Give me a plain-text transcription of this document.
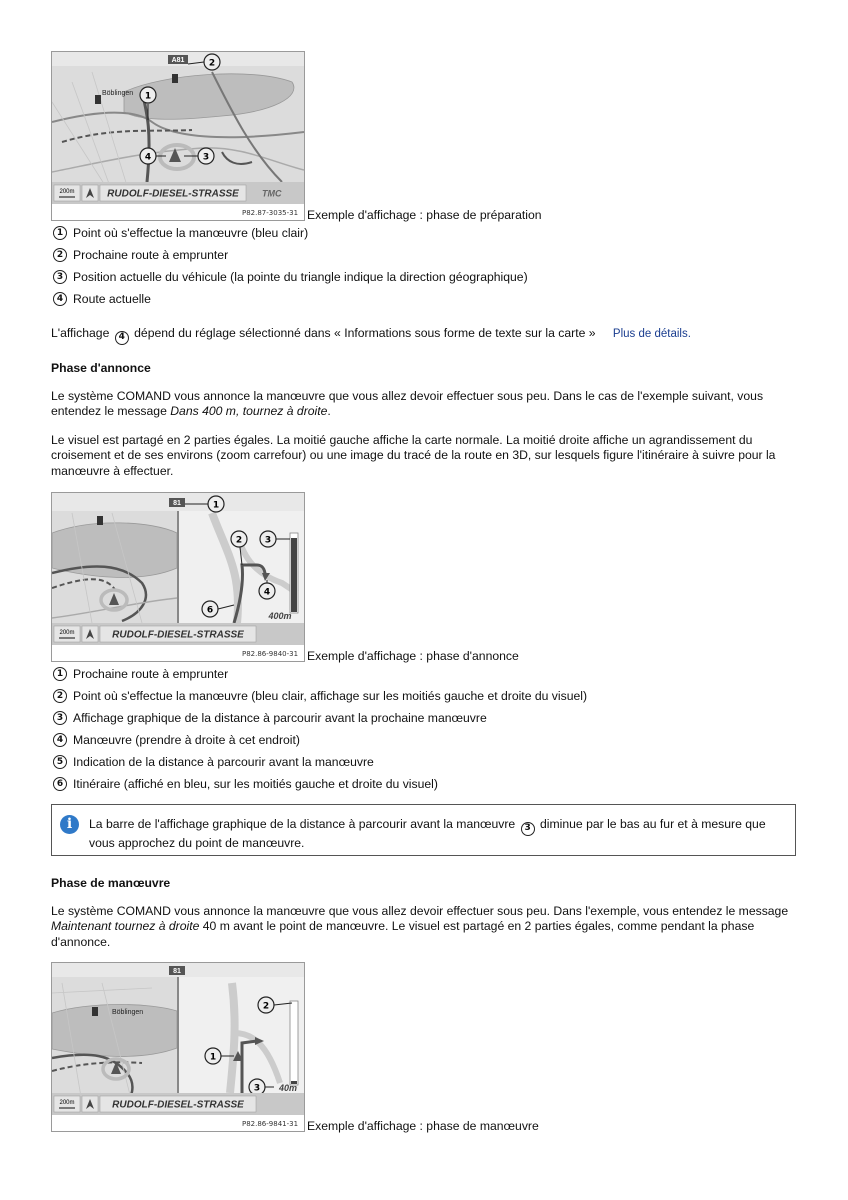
A81
Böblingen
2
1
4	3
200m	RUDOLF-DIESEL-STRASSE	TMC
P82.87-3035-31 Exemple d'affichage : phase de préparation
1 Point où s'effectue la manœuvre (bleu clair)
2 Prochaine route à emprunter
3 Position actuelle du véhicule (la pointe du triangle indique la direction géographique)
4 Route actuelle
L'affichage 4 dépend du réglage sélectionné dans « Informations sous forme de texte sur la carte » Plus de détails.
Phase d'annonce
Le système COMAND vous annonce la manœuvre que vous allez devoir effectuer sous peu. Dans le cas de l'exemple suivant, vous entendez le message Dans 400 m, tournez à droite.
Le visuel est partagé en 2 parties égales. La moitié gauche affiche la carte normale. La moitié droite affiche un agrandissement du croisement et de ses environs (zoom carrefour) ou une image du tracé de la route en 3D, sur lesquels figure l'itinéraire à suivre pour la manœuvre à effectuer.
81
400m
1
2	3
4
6
200m	RUDOLF-DIESEL-STRASSE
P82.86-9840-31 Exemple d'affichage : phase d'annonce
1 Prochaine route à emprunter
2 Point où s'effectue la manœuvre (bleu clair, affichage sur les moitiés gauche et droite du visuel)
3 Affichage graphique de la distance à parcourir avant la prochaine manœuvre
4 Manœuvre (prendre à droite à cet endroit)
5 Indication de la distance à parcourir avant la manœuvre
6 Itinéraire (affiché en bleu, sur les moitiés gauche et droite du visuel)
i	La barre de l'affichage graphique de la distance à parcourir avant la manœuvre 3 diminue par le bas au fur et à mesure que vous approchez du point de manœuvre.
Phase de manœuvre
Le système COMAND vous annonce la manœuvre que vous allez devoir effectuer sous peu. Dans l'exemple, vous entendez le message Maintenant tournez à droite 40 m avant le point de manœuvre. Le visuel est partagé en 2 parties égales, comme pendant la phase d'annonce.
81
Böblingen
40m
2
1
3
200m	RUDOLF-DIESEL-STRASSE
P82.86-9841-31 Exemple d'affichage : phase de manœuvre
